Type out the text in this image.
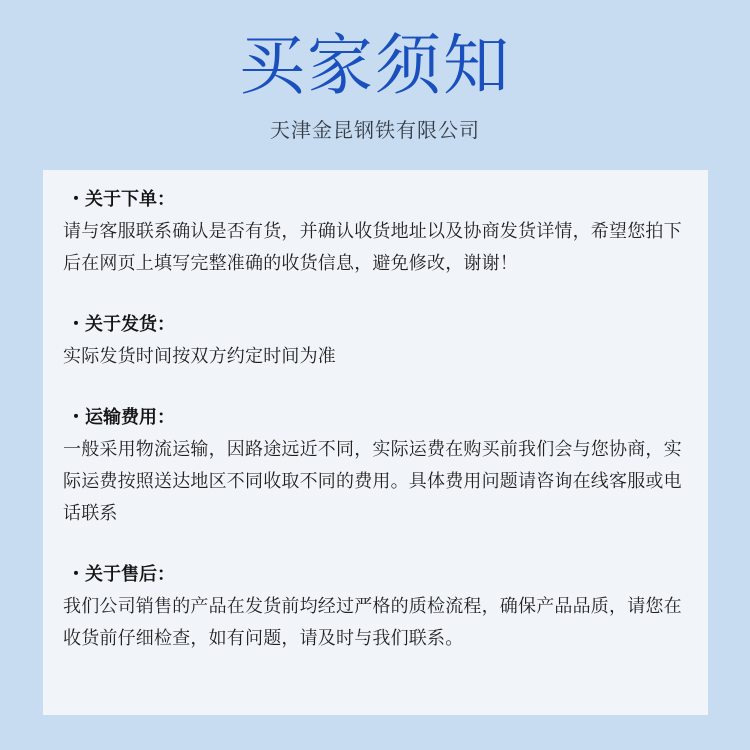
买家须知
天津金昆钢铁有限公司
・关于下单：
请与客服联系确认是否有货，并确认收货地址以及协商发货详情，希望您拍下后在网页上填写完整准确的收货信息，避免修改，谢谢！
・关于发货：
实际发货时间按双方约定时间为准
・运输费用：
一般采用物流运输，因路途远近不同，实际运费在购买前我们会与您协商，实际运费按照送达地区不同收取不同的费用。具体费用问题请咨询在线客服或电话联系
・关于售后：
我们公司销售的产品在发货前均经过严格的质检流程，确保产品品质，请您在收货前仔细检查，如有问题，请及时与我们联系。
